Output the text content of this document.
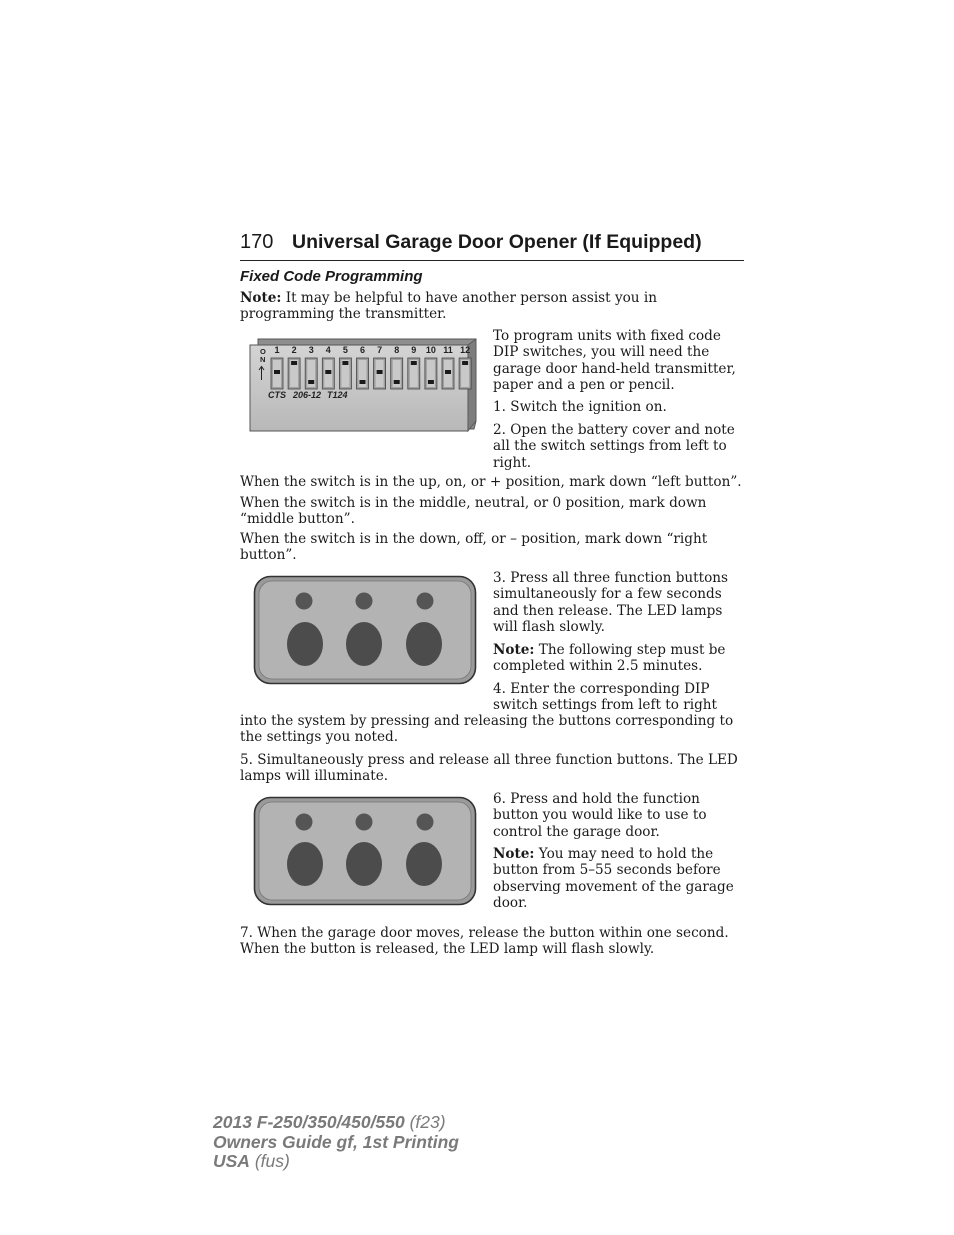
170 Universal Garage Door Opener (If Equipped)
Fixed Code Programming

Note: It may be helpful to have another person assist you in programming the transmitter.

1 2 3 4 5 6 7 8 9 10 11 12
O
N
CTS 206-12 T124

To program units with fixed code DIP switches, you will need the garage door hand-held transmitter, paper and a pen or pencil.

1. Switch the ignition on.

2. Open the battery cover and note all the switch settings from left to right.

When the switch is in the up, on, or + position, mark down “left button”.

When the switch is in the middle, neutral, or 0 position, mark down “middle button”.

When the switch is in the down, off, or – position, mark down “right button”.

3. Press all three function buttons simultaneously for a few seconds and then release. The LED lamps will flash slowly.

Note: The following step must be completed within 2.5 minutes.

4. Enter the corresponding DIP switch settings from left to right

into the system by pressing and releasing the buttons corresponding to the settings you noted.

5. Simultaneously press and release all three function buttons. The LED lamps will illuminate.

6. Press and hold the function button you would like to use to control the garage door.

Note: You may need to hold the button from 5–55 seconds before observing movement of the garage door.

7. When the garage door moves, release the button within one second. When the button is released, the LED lamp will flash slowly.

2013 F-250/350/450/550 (f23)
Owners Guide gf, 1st Printing
USA (fus)
